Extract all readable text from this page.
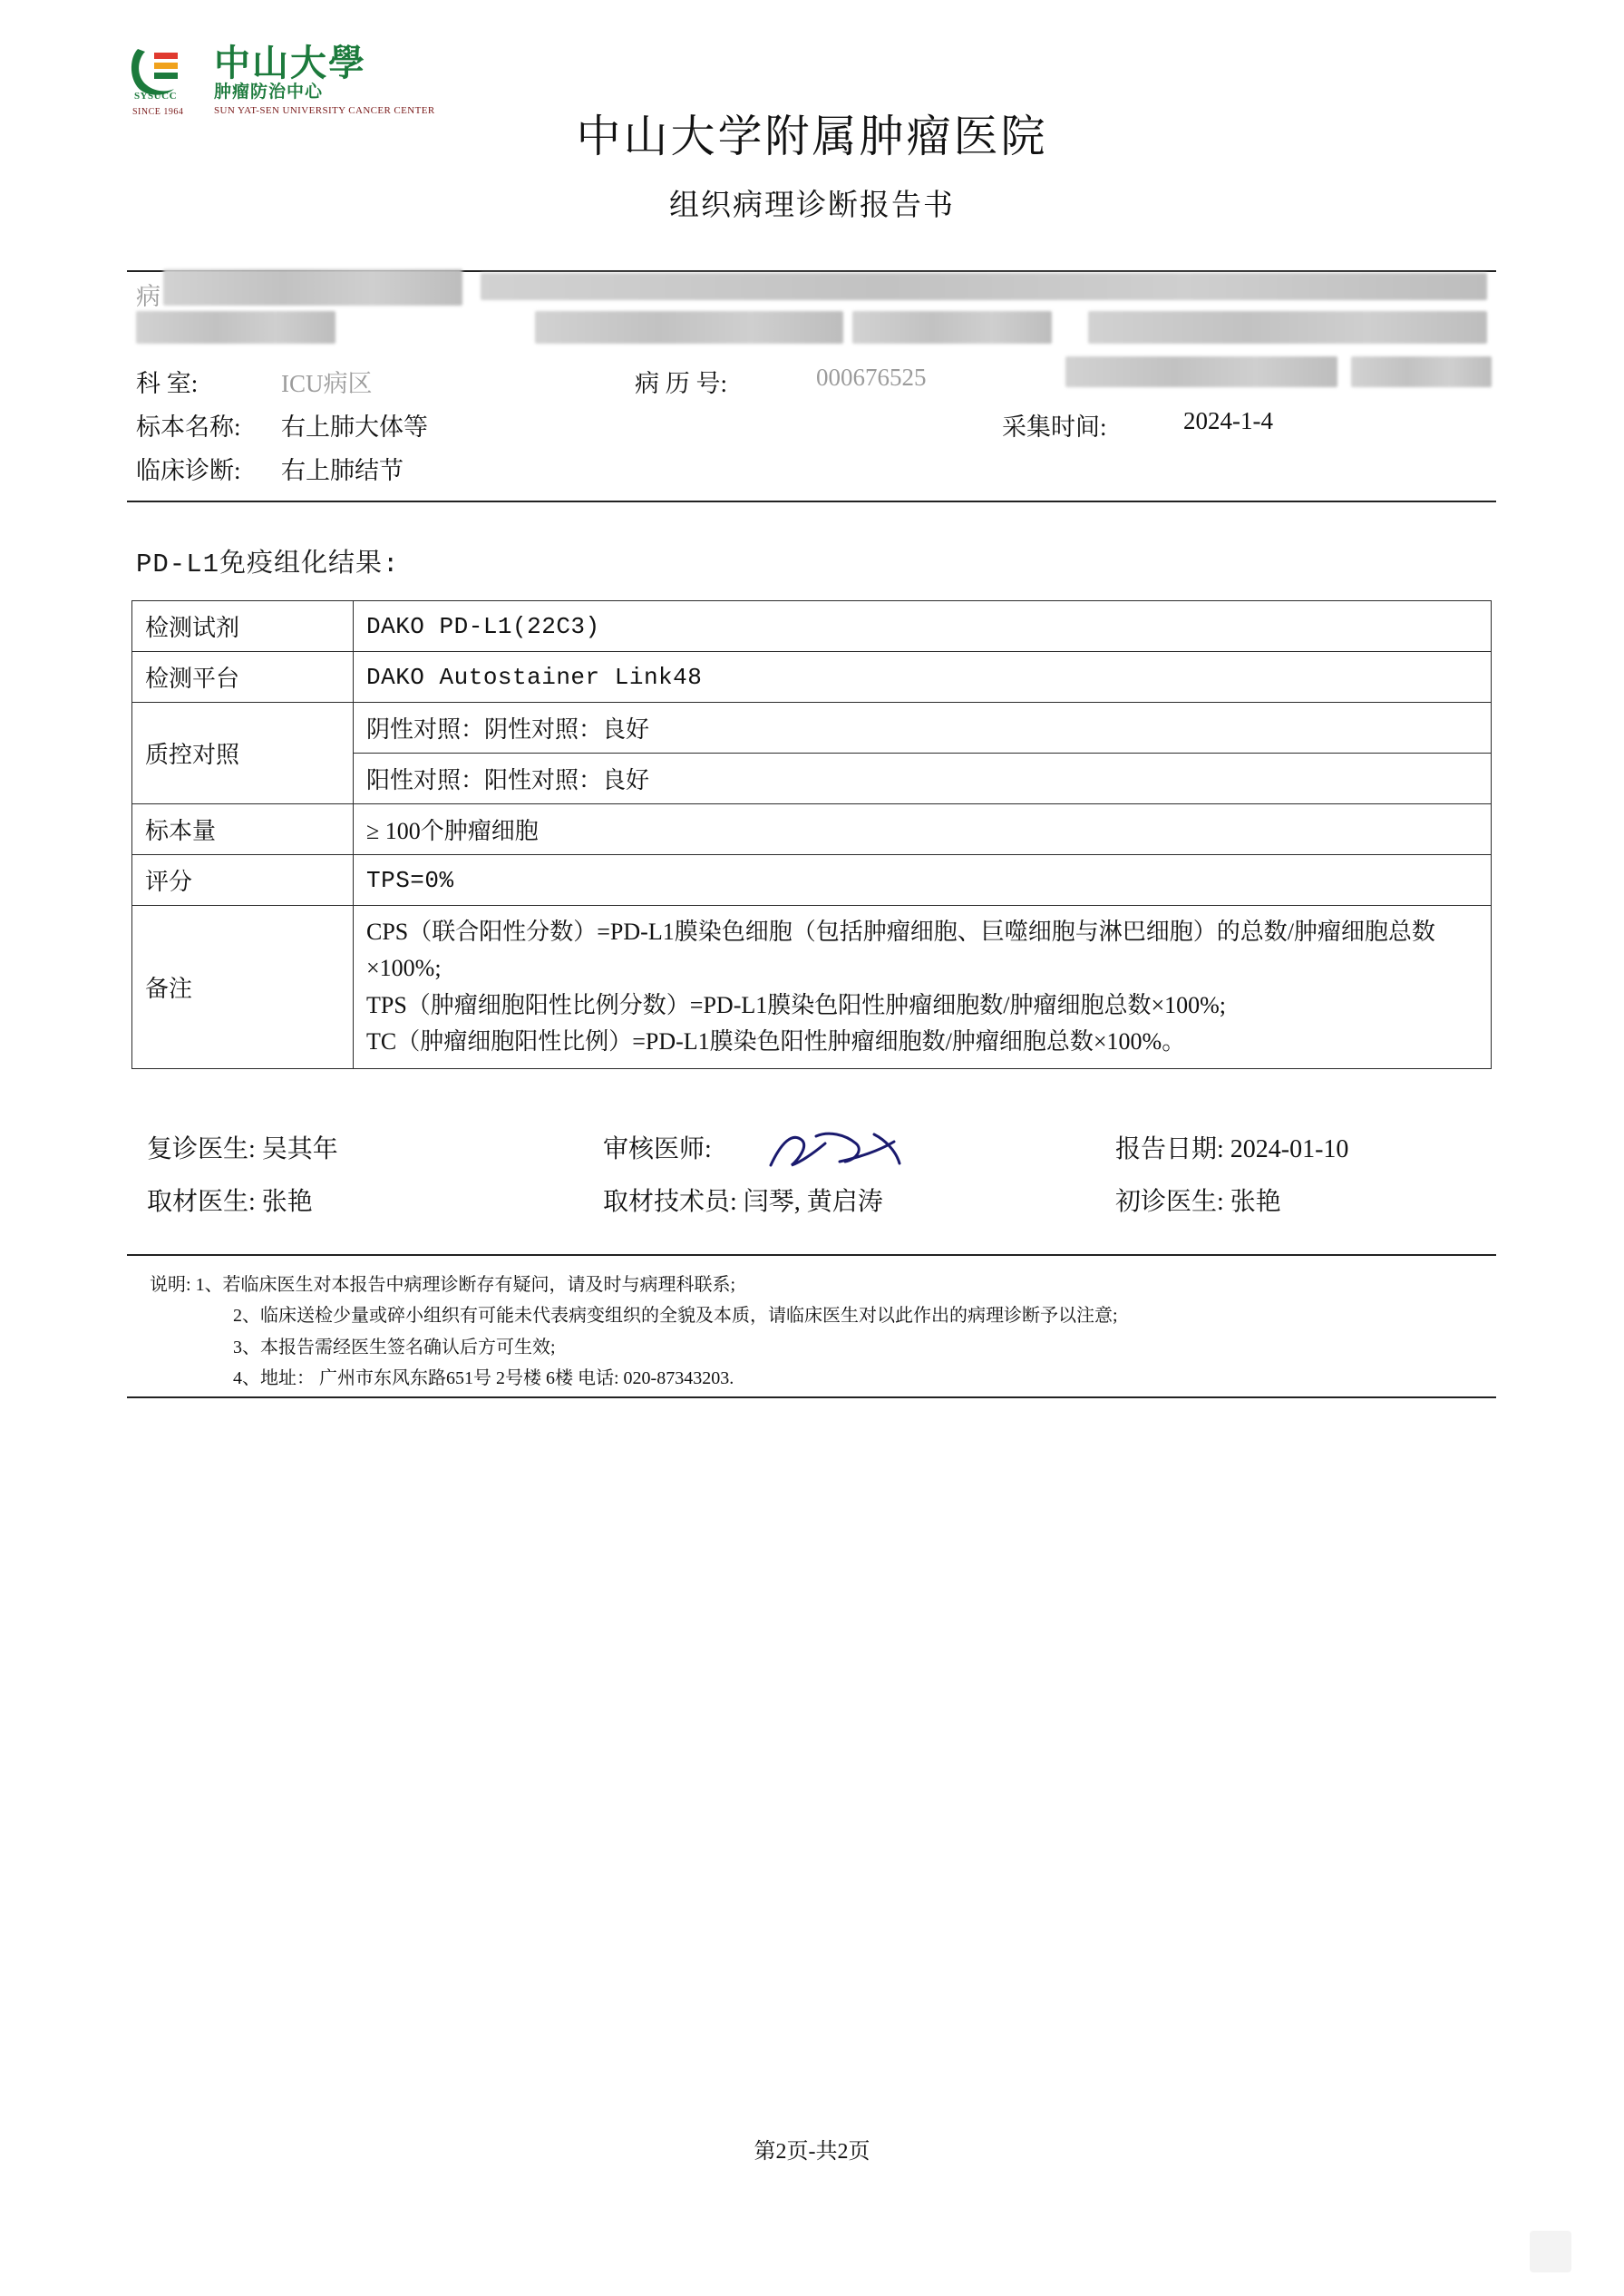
SYSUCC
SINCE 1964
中山大學
肿瘤防治中心
SUN YAT-SEN UNIVERSITY CANCER CENTER
中山大学附属肿瘤医院
组织病理诊断报告书
病
科 室:	ICU病区	病 历 号:	000676525
标本名称: 右上肺大体等	采集时间:	2024-1-4
临床诊断: 右上肺结节
PD-L1免疫组化结果:
检测试剂	DAKO PD-L1(22C3)
检测平台	DAKO Autostainer Link48
质控对照	阴性对照：阴性对照：良好
	阳性对照：阳性对照：良好
标本量	≥ 100个肿瘤细胞
评分	TPS=0%
备注	CPS（联合阳性分数）=PD-L1膜染色细胞（包括肿瘤细胞、巨噬细胞与淋巴细胞）的总数/肿瘤细胞总数
×100%;
TPS（肿瘤细胞阳性比例分数）=PD-L1膜染色阳性肿瘤细胞数/肿瘤细胞总数×100%;
TC（肿瘤细胞阳性比例）=PD-L1膜染色阳性肿瘤细胞数/肿瘤细胞总数×100%。
复诊医生: 吴其年	审核医师:	报告日期: 2024-01-10
取材医生: 张艳	取材技术员: 闫琴, 黄启涛	初诊医生: 张艳
说明: 1、若临床医生对本报告中病理诊断存有疑问，请及时与病理科联系;
2、临床送检少量或碎小组织有可能未代表病变组织的全貌及本质，请临床医生对以此作出的病理诊断予以注意;
3、本报告需经医生签名确认后方可生效;
4、地址： 广州市东风东路651号 2号楼 6楼 电话: 020-87343203.
第2页-共2页
